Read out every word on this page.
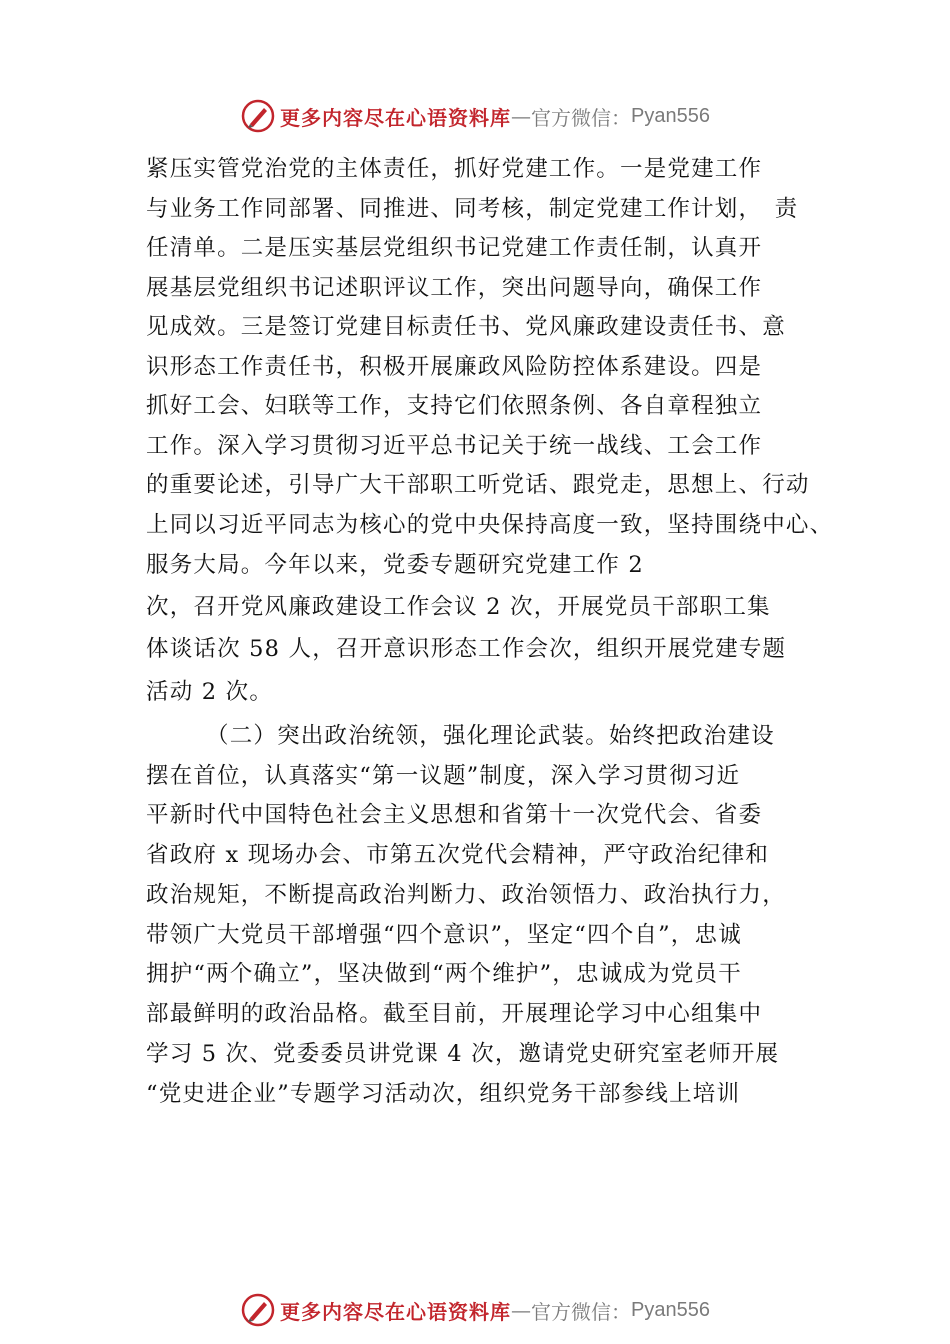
更多内容尽在心语资料库 — 官方微信： Pyan556
紧压实管党治党的主体责任，抓好党建工作。一是党建工作
与业务工作同部署、同推进、同考核，制定党建工作计划，　责
任清单。二是压实基层党组织书记党建工作责任制，认真开
展基层党组织书记述职评议工作，突出问题导向，确保工作
见成效。三是签订党建目标责任书、党风廉政建设责任书、意
识形态工作责任书，积极开展廉政风险防控体系建设。四是
抓好工会、妇联等工作，支持它们依照条例、各自章程独立
工作。深入学习贯彻习近平总书记关于统一战线、工会工作
的重要论述，引导广大干部职工听党话、跟党走，思想上、行动
上同以习近平同志为核心的党中央保持高度一致，坚持围绕中心、
服务大局。今年以来，党委专题研究党建工作 2
次，召开党风廉政建设工作会议 2 次，开展党员干部职工集
体谈话次 58 人，召开意识形态工作会次，组织开展党建专题
活动 2 次。
（二）突出政治统领，强化理论武装。始终把政治建设
摆在首位，认真落实“第一议题”制度，深入学习贯彻习近
平新时代中国特色社会主义思想和省第十一次党代会、省委
省政府 x 现场办会、市第五次党代会精神，严守政治纪律和
政治规矩，不断提高政治判断力、政治领悟力、政治执行力，
带领广大党员干部增强“四个意识”，坚定“四个自”，忠诚
拥护“两个确立”，坚决做到“两个维护”，忠诚成为党员干
部最鲜明的政治品格。截至目前，开展理论学习中心组集中
学习 5 次、党委委员讲党课 4 次，邀请党史研究室老师开展
“党史进企业”专题学习活动次，组织党务干部参线上培训
更多内容尽在心语资料库 — 官方微信： Pyan556
